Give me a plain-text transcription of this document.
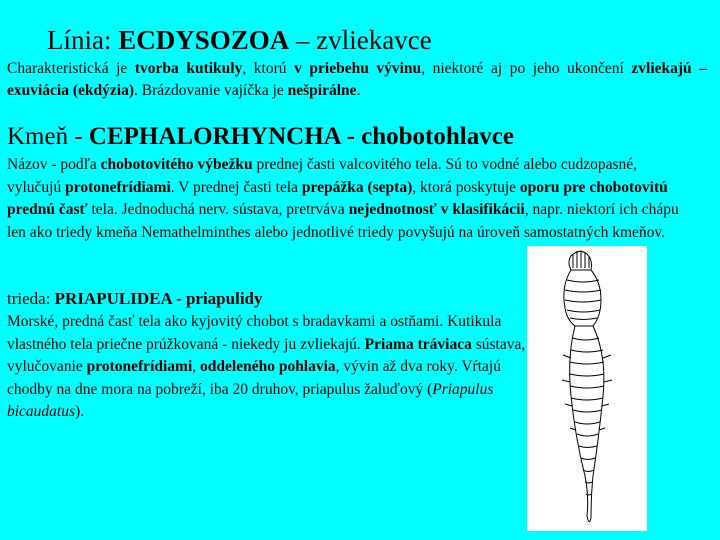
Línia: ECDYSOZOA – zvliekavce
Charakteristická je tvorba kutikuly, ktorú v priebehu vývinu, niektoré aj po jeho ukončení zvliekajú – exuviácia (ekdýzia). Brázdovanie vajíčka je nešpirálne.
Kmeň - CEPHALORHYNCHA - chobotohlavce
Názov - podľa chobotovitého výbežku prednej časti valcovitého tela. Sú to vodné alebo cudzopasné, vylučujú protonefrídiami. V prednej časti tela prepážka (septa), ktorá poskytuje oporu pre chobotovitú prednú časť tela. Jednoduchá nerv. sústava, pretrváva nejednotnosť v klasifikácii, napr. niektorí ich chápu len ako triedy kmeňa Nemathelminthes alebo jednotlivé triedy povyšujú na úroveň samostatných kmeňov.
trieda: PRIAPULIDEA - priapulidy
Morské, predná časť tela ako kyjovitý chobot s bradavkami a ostňami. Kutikula vlastného tela priečne prúžkovaná - niekedy ju zvliekajú. Priama tráviaca sústava, vylučovanie protonefrídiami, oddeleného pohlavia, vývin až dva roky. Vŕtajú chodby na dne mora na pobreží, iba 20 druhov, priapulus žaluďový (Priapulus bicaudatus).
